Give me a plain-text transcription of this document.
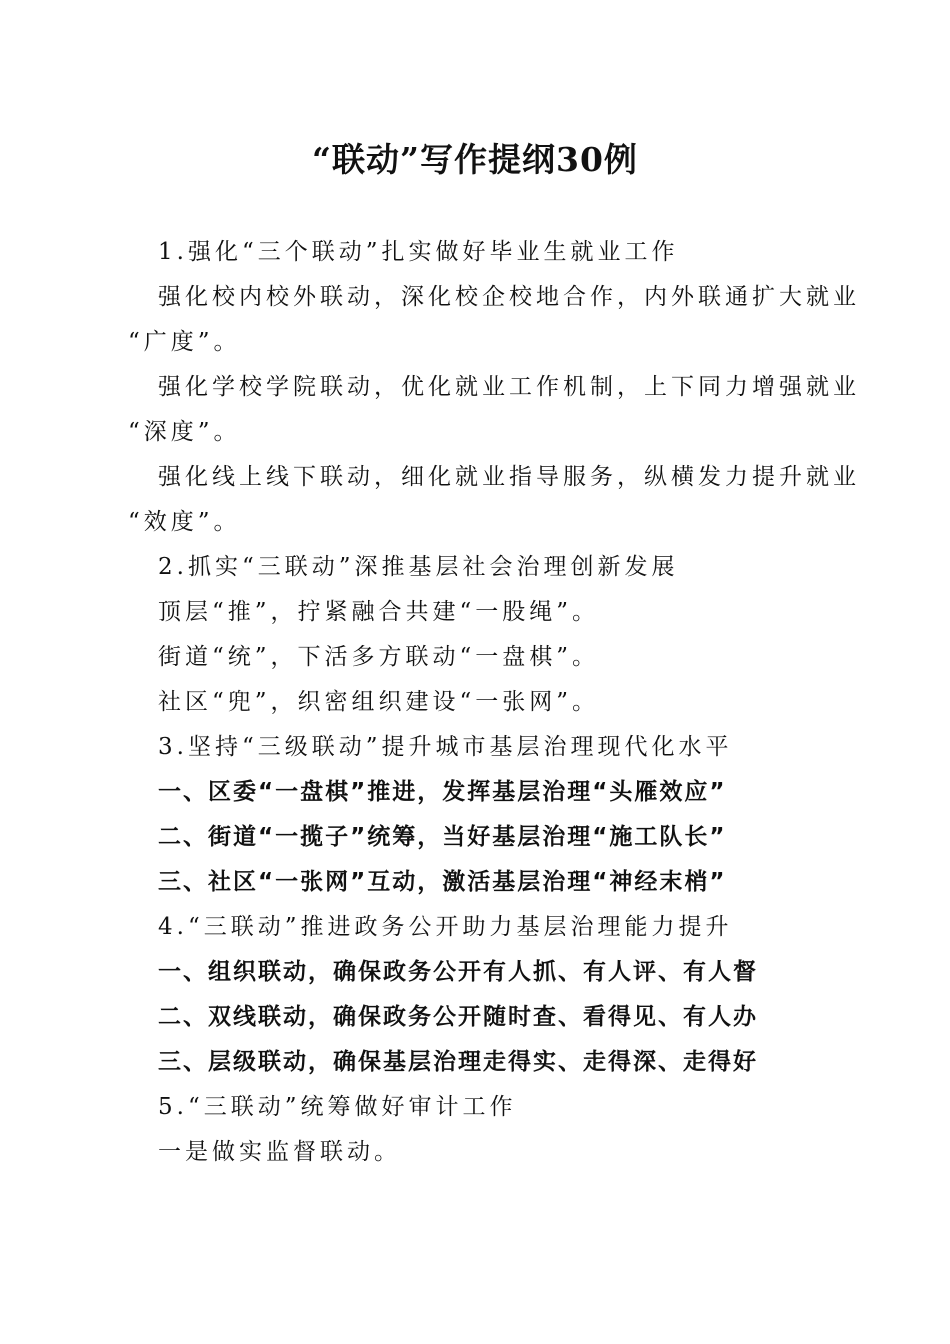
“联动”写作提纲30例
1.强化“三个联动”扎实做好毕业生就业工作
强化校内校外联动，深化校企校地合作，内外联通扩大就业
“广度”。
强化学校学院联动，优化就业工作机制，上下同力增强就业
“深度”。
强化线上线下联动，细化就业指导服务，纵横发力提升就业
“效度”。
2.抓实“三联动”深推基层社会治理创新发展
顶层“推”，拧紧融合共建“一股绳”。
街道“统”，下活多方联动“一盘棋”。
社区“兜”，织密组织建设“一张网”。
3.坚持“三级联动”提升城市基层治理现代化水平
一、区委“一盘棋”推进，发挥基层治理“头雁效应”
二、街道“一揽子”统筹，当好基层治理“施工队长”
三、社区“一张网”互动，激活基层治理“神经末梢”
4.“三联动”推进政务公开助力基层治理能力提升
一、组织联动，确保政务公开有人抓、有人评、有人督
二、双线联动，确保政务公开随时查、看得见、有人办
三、层级联动，确保基层治理走得实、走得深、走得好
5.“三联动”统筹做好审计工作
一是做实监督联动。
